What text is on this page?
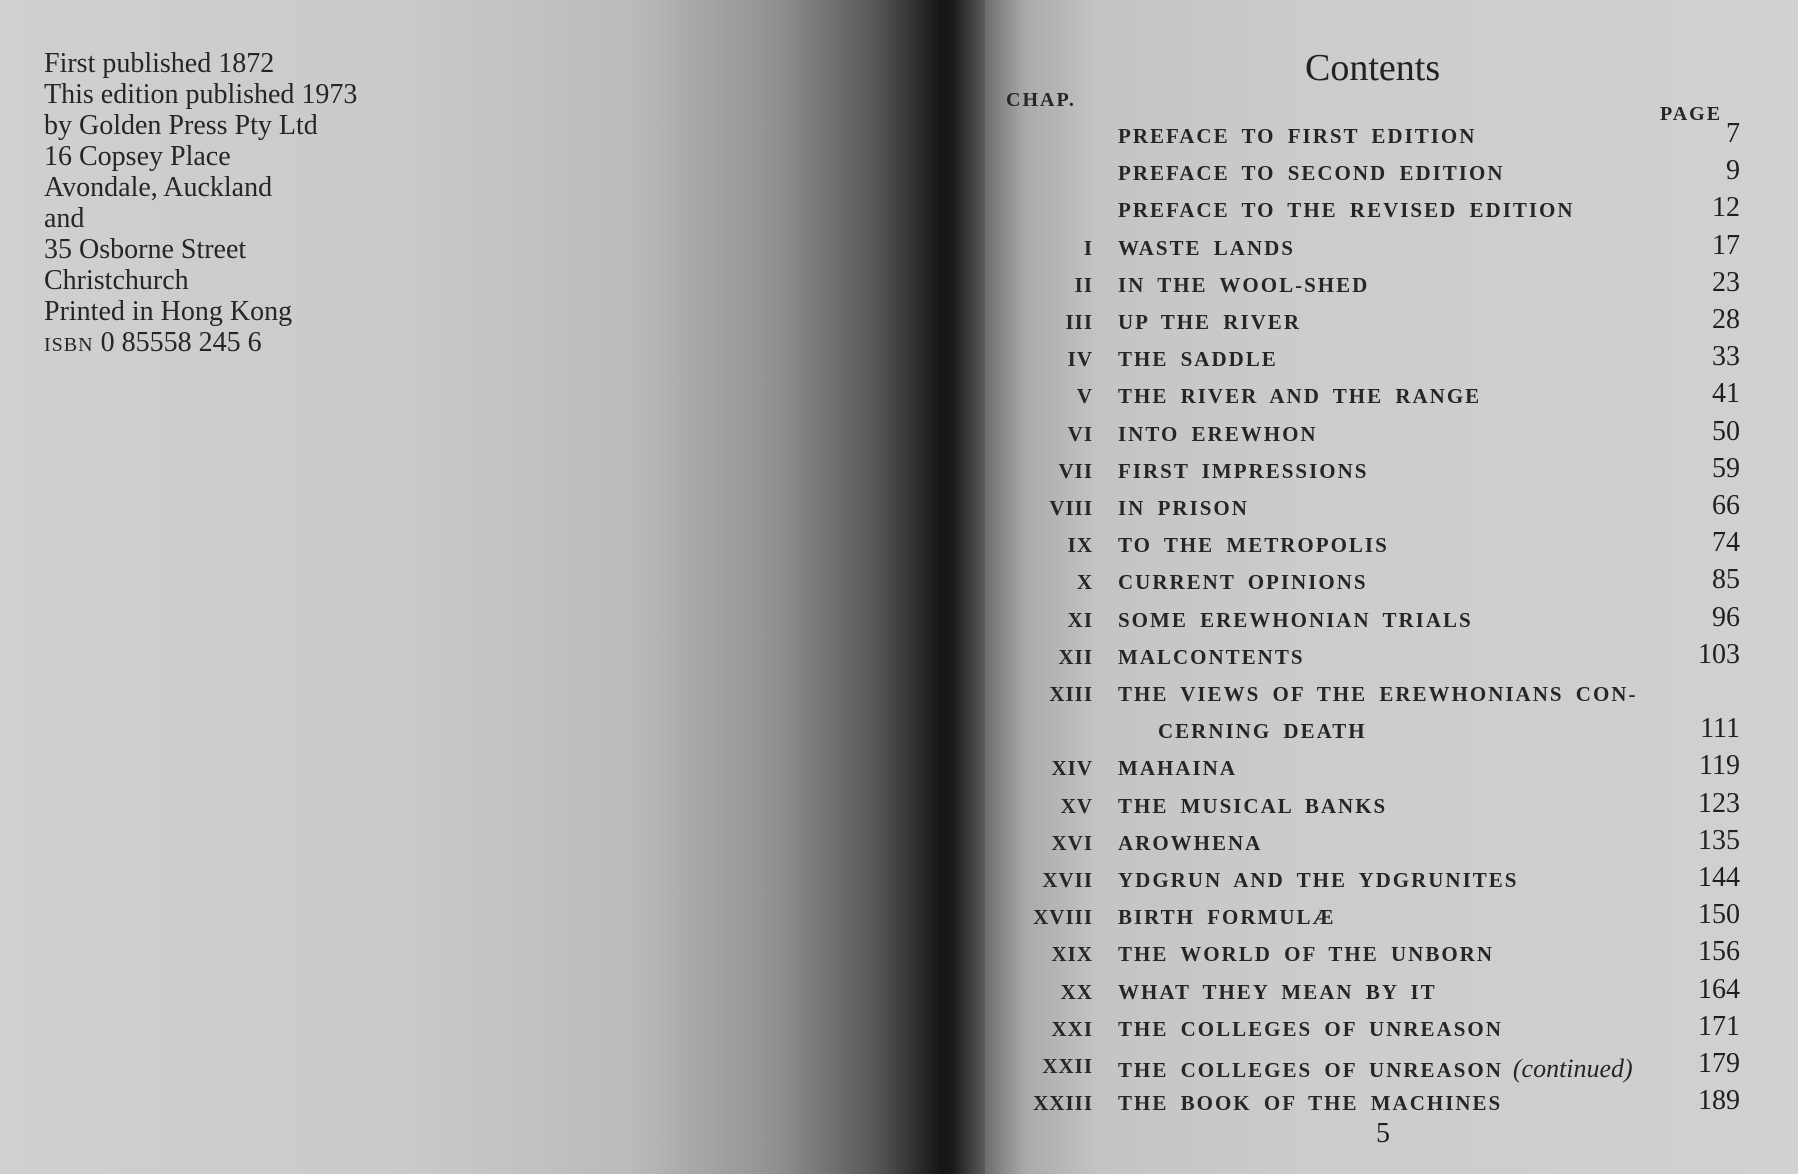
First published 1872
This edition published 1973
by Golden Press Pty Ltd
16 Copsey Place
Avondale, Auckland
and
35 Osborne Street
Christchurch
Printed in Hong Kong
ISBN 0 85558 245 6
Contents
CHAP.
PAGE
PREFACE TO FIRST EDITION	7
PREFACE TO SECOND EDITION	9
PREFACE TO THE REVISED EDITION	12
I WASTE LANDS	17
II IN THE WOOL-SHED	23
III UP THE RIVER	28
IV THE SADDLE	33
V THE RIVER AND THE RANGE	41
VI INTO EREWHON	50
VII FIRST IMPRESSIONS	59
VIII IN PRISON	66
IX TO THE METROPOLIS	74
X CURRENT OPINIONS	85
XI SOME EREWHONIAN TRIALS	96
XII MALCONTENTS	103
XIII THE VIEWS OF THE EREWHONIANS CON-
CERNING DEATH	111
XIV MAHAINA	119
XV THE MUSICAL BANKS	123
XVI AROWHENA	135
XVII YDGRUN AND THE YDGRUNITES	144
XVIII BIRTH FORMULÆ	150
XIX THE WORLD OF THE UNBORN	156
XX WHAT THEY MEAN BY IT	164
XXI THE COLLEGES OF UNREASON	171
XXII THE COLLEGES OF UNREASON (continued)	179
XXIII THE BOOK OF THE MACHINES	189
5
